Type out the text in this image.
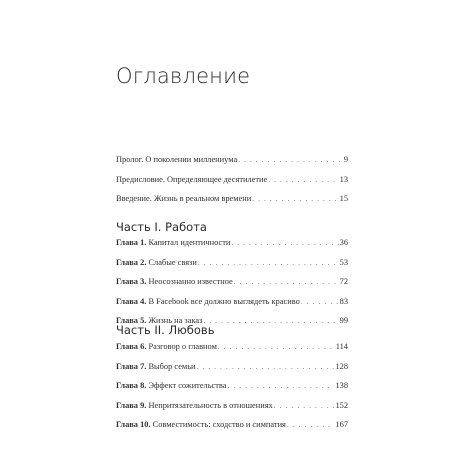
Оглавление
Пролог. О поколении миллениума . . .	9
Предисловие. Определяющее десятилетие . . .	13
Введение. Жизнь в реальном времени . . .	15
Часть I. Работа
Глава 1. Капитал идентичности . . .	36
Глава 2. Слабые связи . . .	53
Глава 3. Неосознанно известное . . .	72
Глава 4. В Facebook все должно выглядеть красиво . . .	83
Глава 5. Жизнь на заказ . . .	99
Часть II. Любовь
Глава 6. Разговор о главном . . .	114
Глава 7. Выбор семьи . . .	128
Глава 8. Эффект сожительства . . .	138
Глава 9. Непритязательность в отношениях . . .	152
Глава 10. Совместимость: сходство и симпатия . . .	167
